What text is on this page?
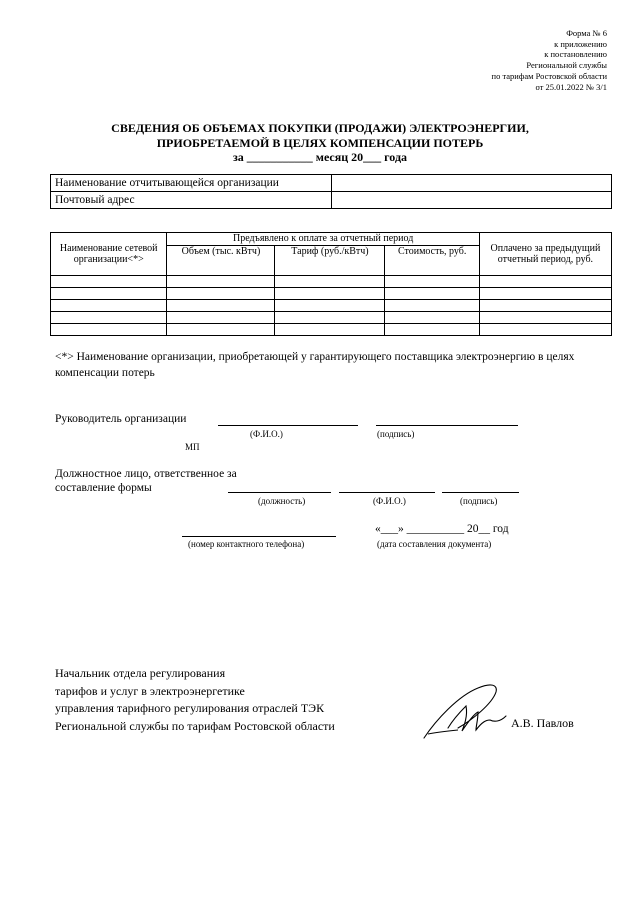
Форма № 6
к приложению
к постановлению
Региональной службы
по тарифам Ростовской области
от 25.01.2022 № 3/1
СВЕДЕНИЯ ОБ ОБЪЕМАХ ПОКУПКИ (ПРОДАЖИ) ЭЛЕКТРОЭНЕРГИИ,
ПРИОБРЕТАЕМОЙ В ЦЕЛЯХ КОМПЕНСАЦИИ ПОТЕРЬ
за ___________ месяц 20___ года
Наименование отчитывающейся организации	
Почтовый адрес	
Наименование сетевой организации<*>	Предъявлено к оплате за отчетный период			Оплачено за предыдущий отчетный период, руб.
	Объем (тыс. кВтч)	Тариф (руб./кВтч)	Стоимость, руб.	

<*> Наименование организации, приобретающей у гарантирующего поставщика электроэнергию в целях компенсации потерь
Руководитель организации
(Ф.И.О.)	(подпись)
МП
Должностное лицо, ответственное за
составление формы
(должность)	(Ф.И.О.)	(подпись)
(номер контактного телефона)
«___» __________ 20__ год
(дата составления документа)
Начальник отдела регулирования
тарифов и услуг в электроэнергетике
управления тарифного регулирования отраслей ТЭК
Региональной службы по тарифам Ростовской области	А.В. Павлов
